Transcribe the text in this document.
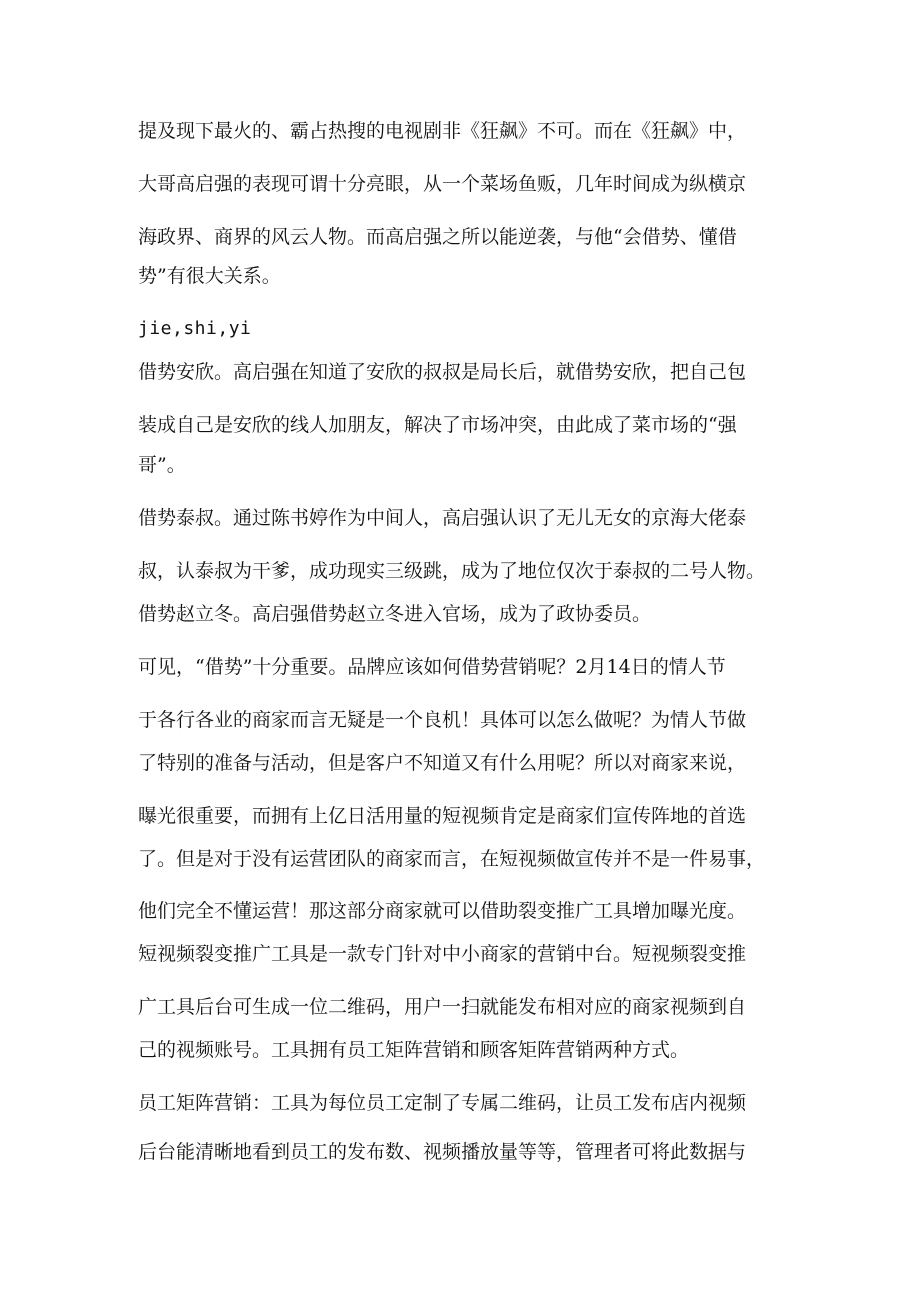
提及现下最火的、霸占热搜的电视剧非《狂飙》不可。而在《狂飙》中，

大哥高启强的表现可谓十分亮眼，从一个菜场鱼贩，几年时间成为纵横京

海政界、商界的风云人物。而高启强之所以能逆袭，与他“会借势、懂借

势”有很大关系。

jie,shi,yi

借势安欣。高启强在知道了安欣的叔叔是局长后，就借势安欣，把自己包

装成自己是安欣的线人加朋友，解决了市场冲突，由此成了菜市场的“强

哥”。

借势泰叔。通过陈书婷作为中间人，高启强认识了无儿无女的京海大佬泰

叔，认泰叔为干爹，成功现实三级跳，成为了地位仅次于泰叔的二号人物。

借势赵立冬。高启强借势赵立冬进入官场，成为了政协委员。

可见，“借势”十分重要。品牌应该如何借势营销呢？2月14日的情人节

于各行各业的商家而言无疑是一个良机！具体可以怎么做呢？为情人节做

了特别的准备与活动，但是客户不知道又有什么用呢？所以对商家来说，

曝光很重要，而拥有上亿日活用量的短视频肯定是商家们宣传阵地的首选

了。但是对于没有运营团队的商家而言，在短视频做宣传并不是一件易事，

他们完全不懂运营！那这部分商家就可以借助裂变推广工具增加曝光度。

短视频裂变推广工具是一款专门针对中小商家的营销中台。短视频裂变推

广工具后台可生成一位二维码，用户一扫就能发布相对应的商家视频到自

己的视频账号。工具拥有员工矩阵营销和顾客矩阵营销两种方式。

员工矩阵营销：工具为每位员工定制了专属二维码，让员工发布店内视频

后台能清晰地看到员工的发布数、视频播放量等等，管理者可将此数据与
